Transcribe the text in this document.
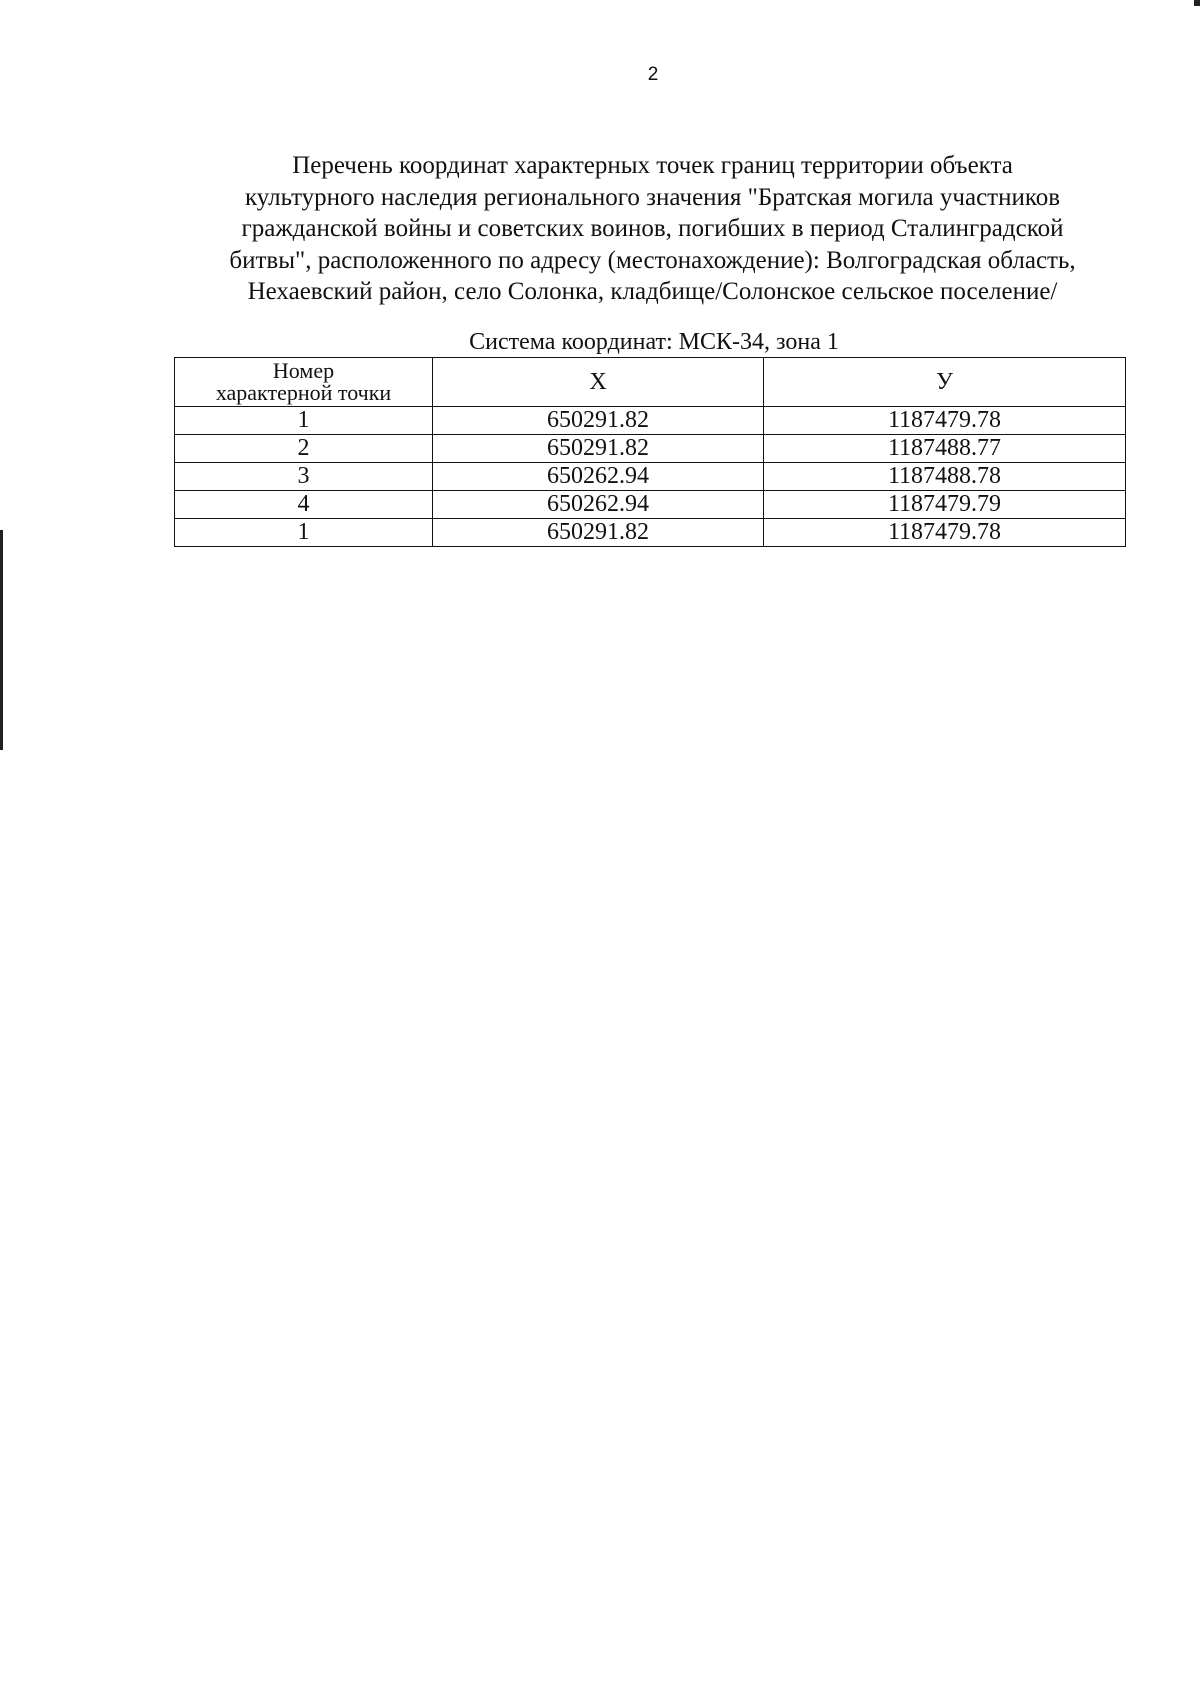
2
Перечень координат характерных точек границ территории объекта
культурного наследия регионального значения "Братская могила участников
гражданской войны и советских воинов, погибших в период Сталинградской
битвы", расположенного по адресу (местонахождение): Волгоградская область,
Нехаевский район, село Солонка, кладбище/Солонское сельское поселение/
Система координат: МСК-34, зона 1
Номер
характерной точки	X	У
1	650291.82	1187479.78
2	650291.82	1187488.77
3	650262.94	1187488.78
4	650262.94	1187479.79
1	650291.82	1187479.78
